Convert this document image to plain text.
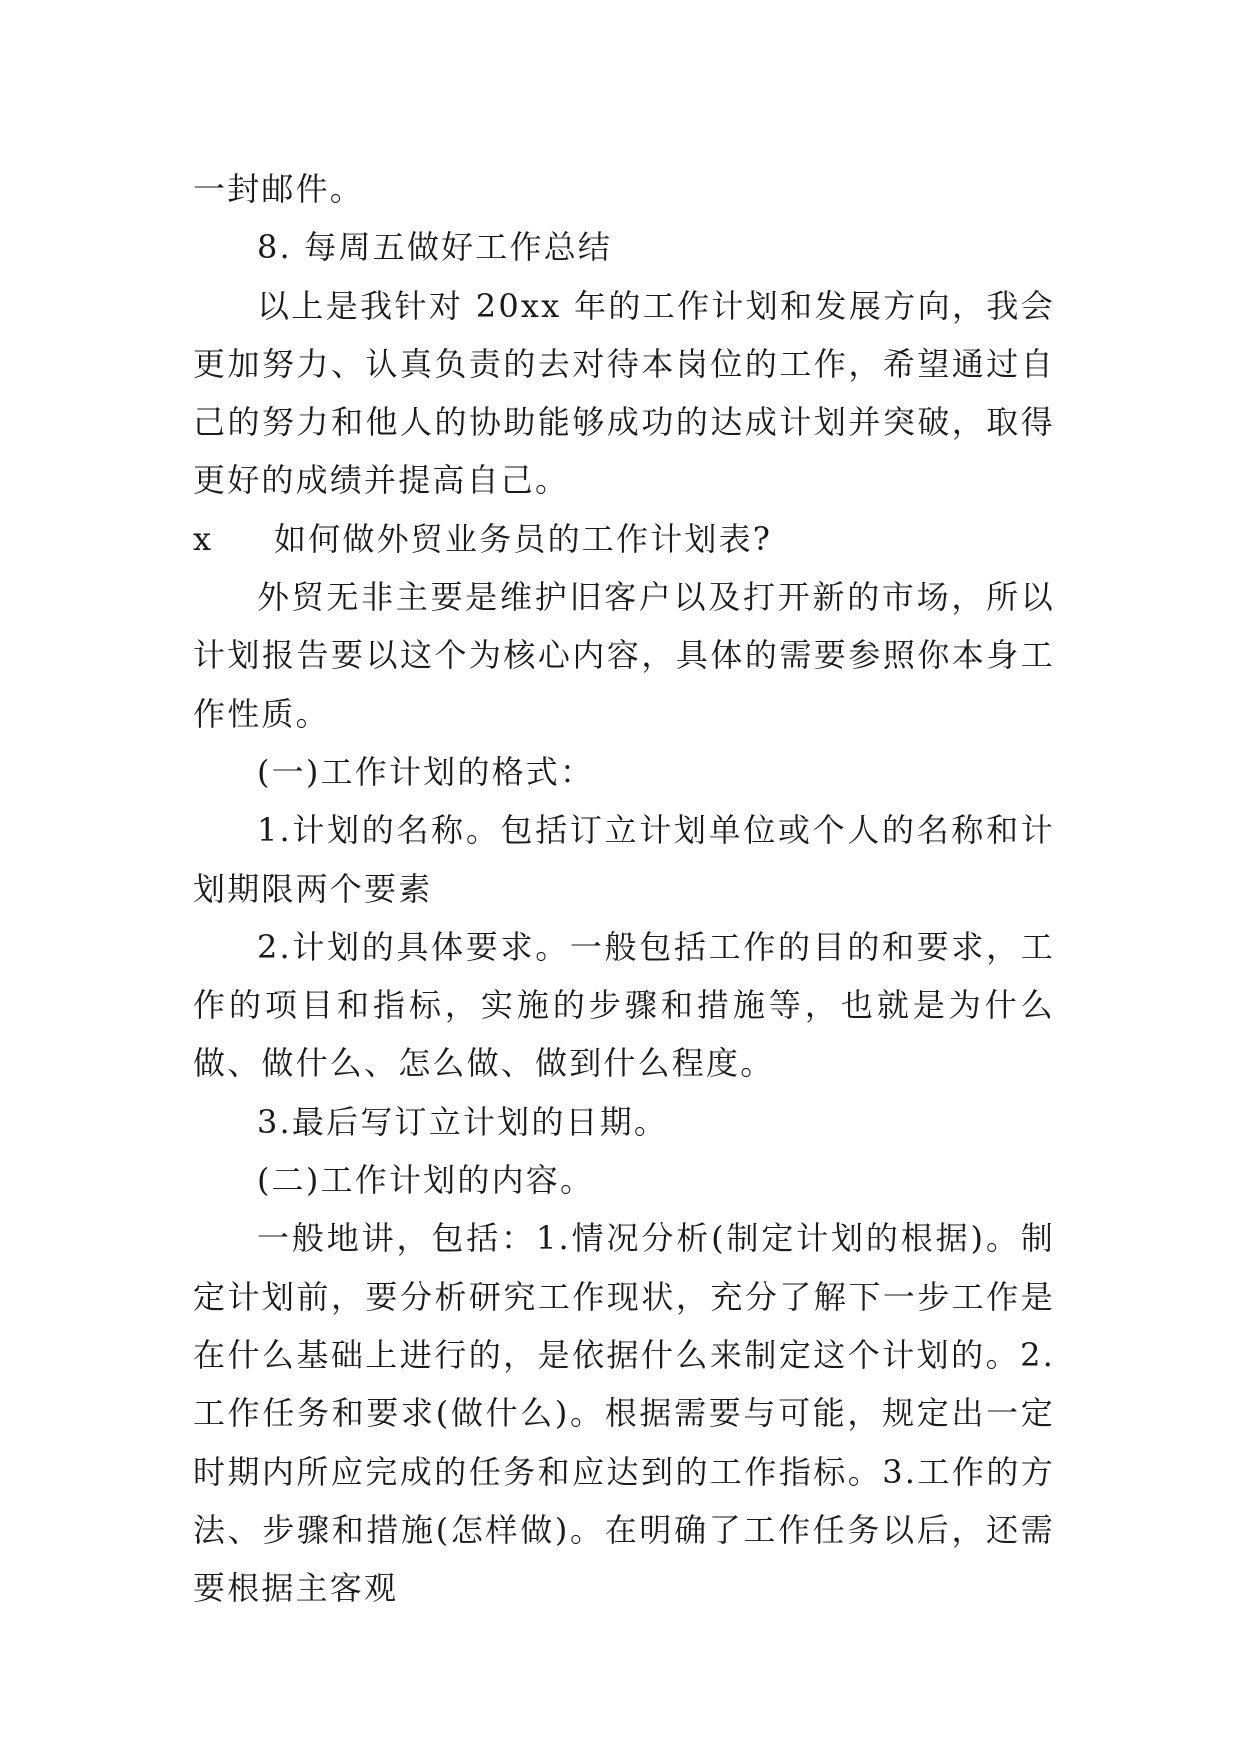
一封邮件。

8. 每周五做好工作总结

以上是我针对 20xx 年的工作计划和发展方向，我会更加努力、认真负责的去对待本岗位的工作，希望通过自己的努力和他人的协助能够成功的达成计划并突破，取得更好的成绩并提高自己。

x	如何做外贸业务员的工作计划表?

外贸无非主要是维护旧客户以及打开新的市场，所以计划报告要以这个为核心内容，具体的需要参照你本身工作性质。

(一)工作计划的格式：

1.计划的名称。包括订立计划单位或个人的名称和计划期限两个要素

2.计划的具体要求。一般包括工作的目的和要求，工作的项目和指标，实施的步骤和措施等，也就是为什么做、做什么、怎么做、做到什么程度。

3.最后写订立计划的日期。

(二)工作计划的内容。

一般地讲，包括：1.情况分析(制定计划的根据)。制定计划前，要分析研究工作现状，充分了解下一步工作是在什么基础上进行的，是依据什么来制定这个计划的。2.工作任务和要求(做什么)。根据需要与可能，规定出一定时期内所应完成的任务和应达到的工作指标。3.工作的方法、步骤和措施(怎样做)。在明确了工作任务以后，还需要根据主客观
